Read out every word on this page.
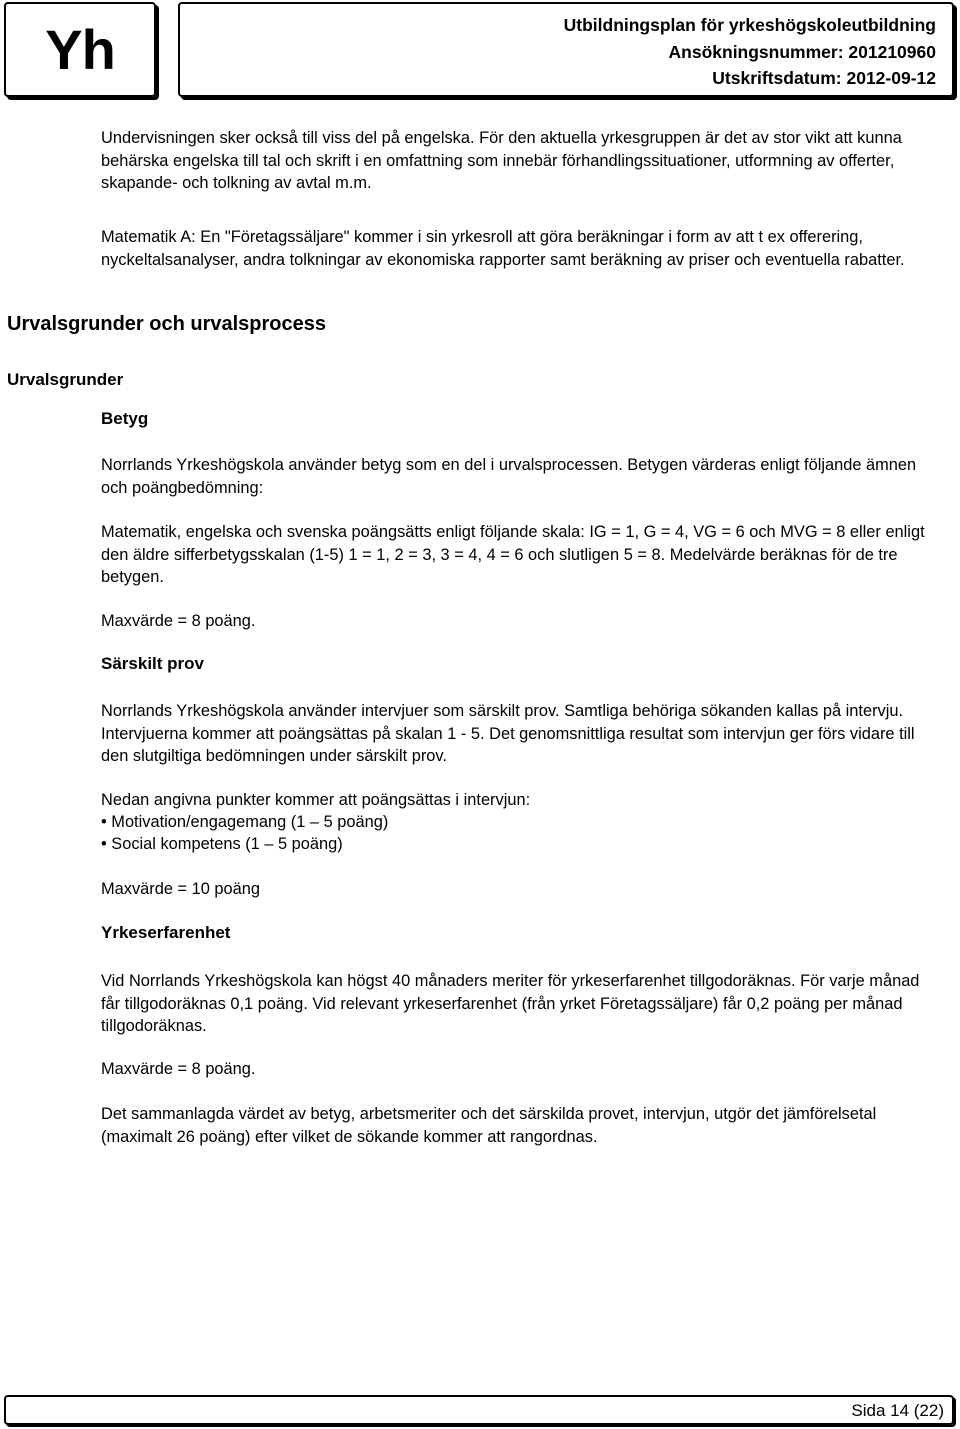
Yh	Utbildningsplan för yrkeshögskoleutbildning
Ansökningsnummer: 201210960
Utskriftsdatum: 2012-09-12
Undervisningen sker också till viss del på engelska. För den aktuella yrkesgruppen är det av stor vikt att kunna behärska engelska till tal och skrift i en omfattning som innebär förhandlingssituationer, utformning av offerter, skapande- och tolkning av avtal m.m.
Matematik A: En "Företagssäljare" kommer i sin yrkesroll att göra beräkningar i form av att t ex offerering, nyckeltalsanalyser, andra tolkningar av ekonomiska rapporter samt beräkning av priser och eventuella rabatter.
Urvalsgrunder och urvalsprocess
Urvalsgrunder
Betyg
Norrlands Yrkeshögskola använder betyg som en del i urvalsprocessen. Betygen värderas enligt följande ämnen och poängbedömning:
Matematik, engelska och svenska poängsätts enligt följande skala: IG = 1, G = 4, VG = 6 och MVG = 8 eller enligt den äldre sifferbetygsskalan (1-5) 1 = 1, 2 = 3, 3 = 4, 4 = 6 och slutligen 5 = 8. Medelvärde beräknas för de tre betygen.
Maxvärde = 8 poäng.
Särskilt prov
Norrlands Yrkeshögskola använder intervjuer som särskilt prov. Samtliga behöriga sökanden kallas på intervju. Intervjuerna kommer att poängsättas på skalan 1 - 5. Det genomsnittliga resultat som intervjun ger förs vidare till den slutgiltiga bedömningen under särskilt prov.
Nedan angivna punkter kommer att poängsättas i intervjun:
• Motivation/engagemang (1 – 5 poäng)
• Social kompetens (1 – 5 poäng)
Maxvärde = 10 poäng
Yrkeserfarenhet
Vid Norrlands Yrkeshögskola kan högst 40 månaders meriter för yrkeserfarenhet tillgodoräknas. För varje månad får tillgodoräknas 0,1 poäng. Vid relevant yrkeserfarenhet (från yrket Företagssäljare) får 0,2 poäng per månad tillgodoräknas.
Maxvärde = 8 poäng.
Det sammanlagda värdet av betyg, arbetsmeriter och det särskilda provet, intervjun, utgör det jämförelsetal (maximalt 26 poäng) efter vilket de sökande kommer att rangordnas.
Sida 14 (22)
